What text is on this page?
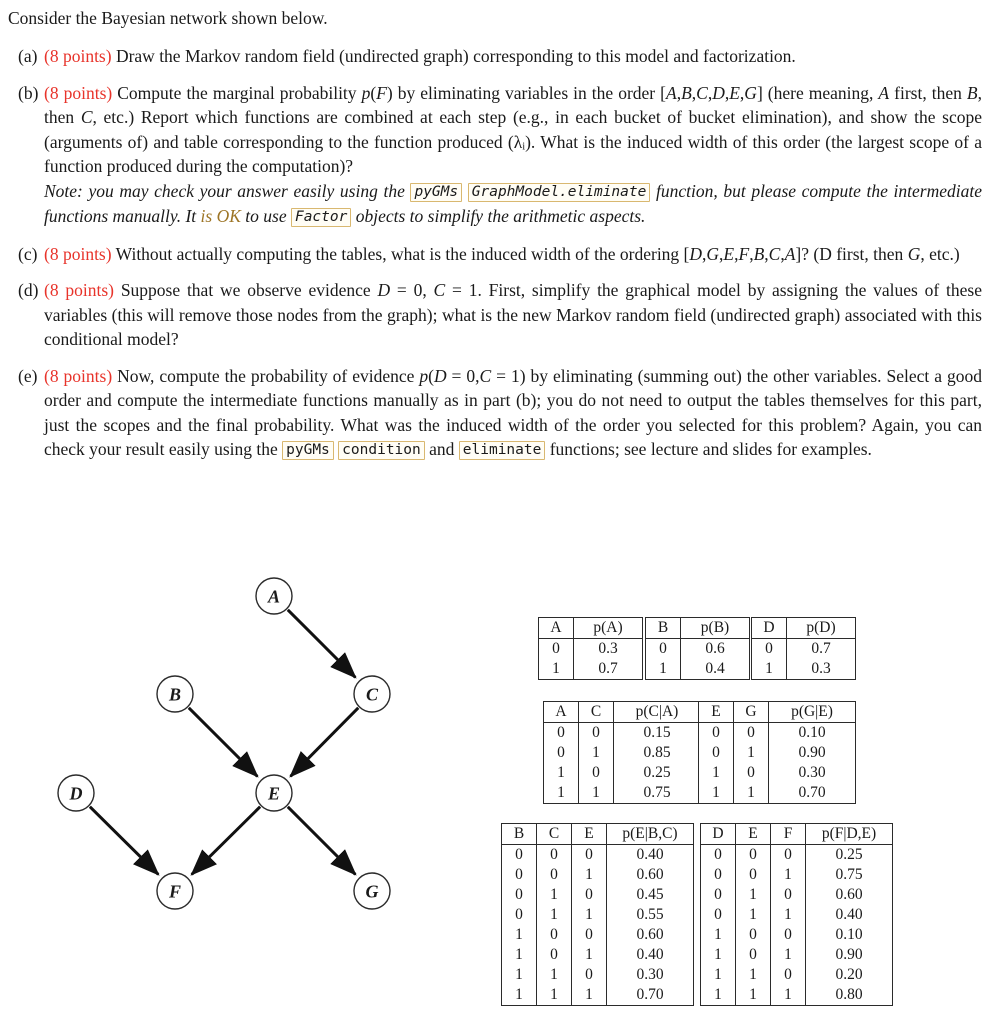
Consider the Bayesian network shown below.
(a) (8 points) Draw the Markov random field (undirected graph) corresponding to this model and factorization.
(b) (8 points) Compute the marginal probability p(F) by eliminating variables in the order [A,B,C,D,E,G] (here meaning, A first, then B, then C, etc.) Report which functions are combined at each step (e.g., in each bucket of bucket elimination), and show the scope (arguments of) and table corresponding to the function produced (λᵢ). What is the induced width of this order (the largest scope of a function produced during the computation)?
Note: you may check your answer easily using the pyGMs GraphModel.eliminate function, but please compute the intermediate functions manually. It is OK to use Factor objects to simplify the arithmetic aspects.
(c) (8 points) Without actually computing the tables, what is the induced width of the ordering [D,G,E,F,B,C,A]? (D first, then G, etc.)
(d) (8 points) Suppose that we observe evidence D = 0, C = 1. First, simplify the graphical model by assigning the values of these variables (this will remove those nodes from the graph); what is the new Markov random field (undirected graph) associated with this conditional model?
(e) (8 points) Now, compute the probability of evidence p(D = 0,C = 1) by eliminating (summing out) the other variables. Select a good order and compute the intermediate functions manually as in part (b); you do not need to output the tables themselves for this part, just the scopes and the final probability. What was the induced width of the order you selected for this problem? Again, you can check your result easily using the pyGMs condition and eliminate functions; see lecture and slides for examples.
A
B	C
D	E
F	G
A	p(A)
0	0.3
1	0.7
B	p(B)
0	0.6
1	0.4
D	p(D)
0	0.7
1	0.3
A	C	p(C|A)
0	0	0.15
0	1	0.85
1	0	0.25
1	1	0.75
E	G	p(G|E)
0	0	0.10
0	1	0.90
1	0	0.30
1	1	0.70
B	C	E	p(E|B,C)
0	0	0	0.40
0	0	1	0.60
0	1	0	0.45
0	1	1	0.55
1	0	0	0.60
1	0	1	0.40
1	1	0	0.30
1	1	1	0.70
D	E	F	p(F|D,E)
0	0	0	0.25
0	0	1	0.75
0	1	0	0.60
0	1	1	0.40
1	0	0	0.10
1	0	1	0.90
1	1	0	0.20
1	1	1	0.80
